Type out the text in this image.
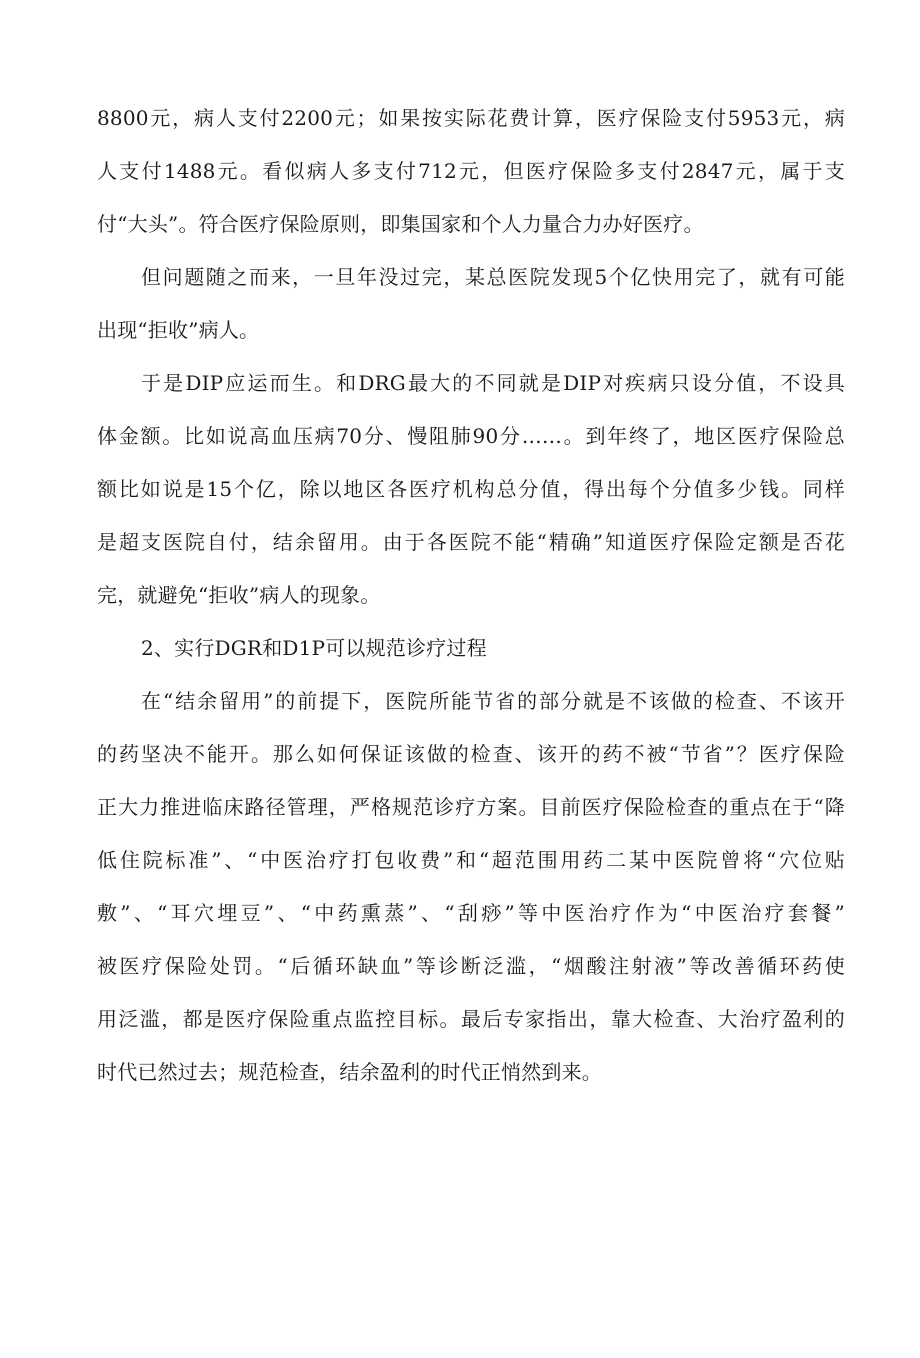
8800元，病人支付2200元；如果按实际花费计算，医疗保险支付5953元，病
人支付1488元。看似病人多支付712元，但医疗保险多支付2847元，属于支
付“大头”。符合医疗保险原则，即集国家和个人力量合力办好医疗。
但问题随之而来，一旦年没过完，某总医院发现5个亿快用完了，就有可能
出现“拒收”病人。
于是DIP应运而生。和DRG最大的不同就是DIP对疾病只设分值，不设具
体金额。比如说高血压病70分、慢阻肺90分……。到年终了，地区医疗保险总
额比如说是15个亿，除以地区各医疗机构总分值，得出每个分值多少钱。同样
是超支医院自付，结余留用。由于各医院不能“精确”知道医疗保险定额是否花
完，就避免“拒收”病人的现象。
2、实行DGR和D1P可以规范诊疗过程
在“结余留用”的前提下，医院所能节省的部分就是不该做的检查、不该开
的药坚决不能开。那么如何保证该做的检查、该开的药不被“节省”？医疗保险
正大力推进临床路径管理，严格规范诊疗方案。目前医疗保险检查的重点在于“降
低住院标准”、“中医治疗打包收费”和“超范围用药二某中医院曾将“穴位贴
敷”、“耳穴埋豆”、“中药熏蒸”、“刮痧”等中医治疗作为“中医治疗套餐”
被医疗保险处罚。“后循环缺血”等诊断泛滥，“烟酸注射液”等改善循环药使
用泛滥，都是医疗保险重点监控目标。最后专家指出，靠大检查、大治疗盈利的
时代已然过去；规范检查，结余盈利的时代正悄然到来。
